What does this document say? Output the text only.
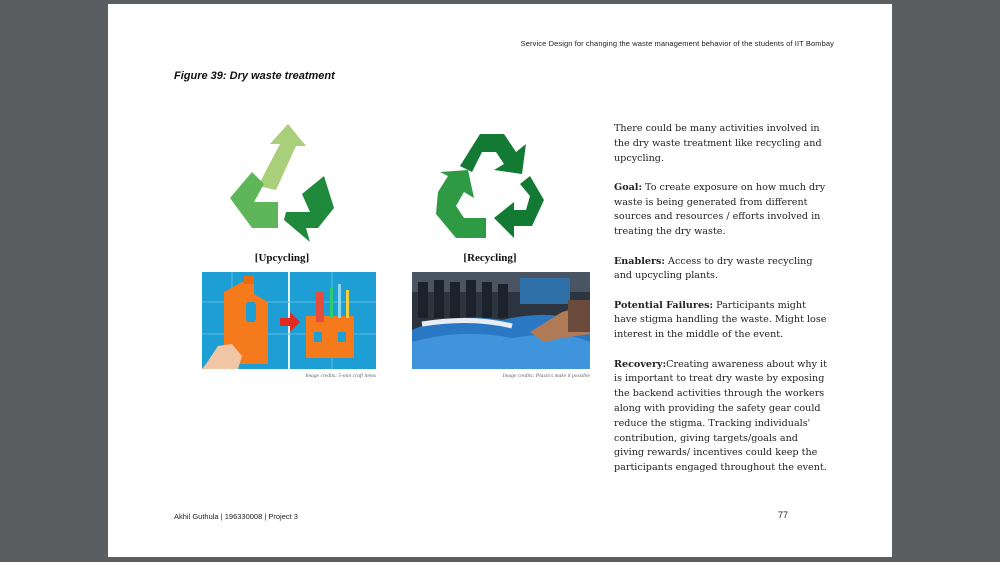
Service Design for changing the waste management behavior of the students of IIT Bombay
Figure 39: Dry waste treatment
[Upcycling]
Image credits: 5-min craft items
[Recycling]
Image credits: Plastics make it possible

There could be many activities involved in the dry waste treatment like recycling and upcycling.

Goal: To create exposure on how much dry waste is being generated from different sources and resources / efforts involved in treating the dry waste.

Enablers: Access to dry waste recycling and upcycling plants.

Potential Failures: Participants might have stigma handling the waste. Might lose interest in the middle of the event.

Recovery:Creating awareness about why it is important to treat dry waste by exposing the backend activities through the workers along with providing the safety gear could reduce the stigma. Tracking individuals' contribution, giving targets/goals and giving rewards/ incentives could keep the participants engaged throughout the event.

Akhil Guthula | 196330008 | Project 3	77
